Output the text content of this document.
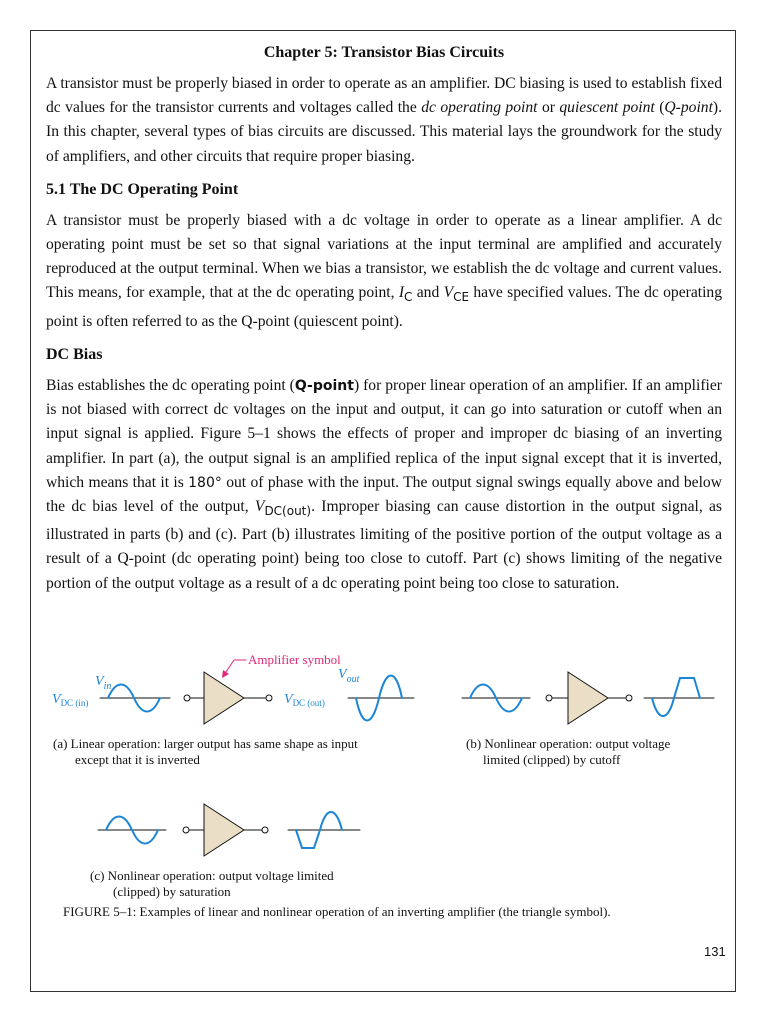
Chapter 5: Transistor Bias Circuits

A transistor must be properly biased in order to operate as an amplifier. DC biasing is used to establish fixed dc values for the transistor currents and voltages called the dc operating point or quiescent point (Q-point). In this chapter, several types of bias circuits are discussed. This material lays the groundwork for the study of amplifiers, and other circuits that require proper biasing.

5.1 The DC Operating Point

A transistor must be properly biased with a dc voltage in order to operate as a linear amplifier. A dc operating point must be set so that signal variations at the input terminal are amplified and accurately reproduced at the output terminal. When we bias a transistor, we establish the dc voltage and current values. This means, for example, that at the dc operating point, $I_C$ and $V_{CE}$ have specified values. The dc operating point is often referred to as the Q-point (quiescent point).

DC Bias

Bias establishes the dc operating point (Q-point) for proper linear operation of an amplifier. If an amplifier is not biased with correct dc voltages on the input and output, it can go into saturation or cutoff when an input signal is applied. Figure 5–1 shows the effects of proper and improper dc biasing of an inverting amplifier. In part (a), the output signal is an amplified replica of the input signal except that it is inverted, which means that it is 180° out of phase with the input. The output signal swings equally above and below the dc bias level of the output, $V_{DC(out)}$. Improper biasing can cause distortion in the output signal, as illustrated in parts (b) and (c). Part (b) illustrates limiting of the positive portion of the output voltage as a result of a Q-point (dc operating point) being too close to cutoff. Part (c) shows limiting of the negative portion of the output voltage as a result of a dc operating point being too close to saturation.

Amplifier symbol
$V_{in}$
$V_{DC (in)}$	$V_{DC (out)}$
$V_{out}$
(a) Linear operation: larger output has same shape as input
except that it is inverted
(b) Nonlinear operation: output voltage
limited (clipped) by cutoff
(c) Nonlinear operation: output voltage limited
(clipped) by saturation
FIGURE 5–1: Examples of linear and nonlinear operation of an inverting amplifier (the triangle symbol).
131
